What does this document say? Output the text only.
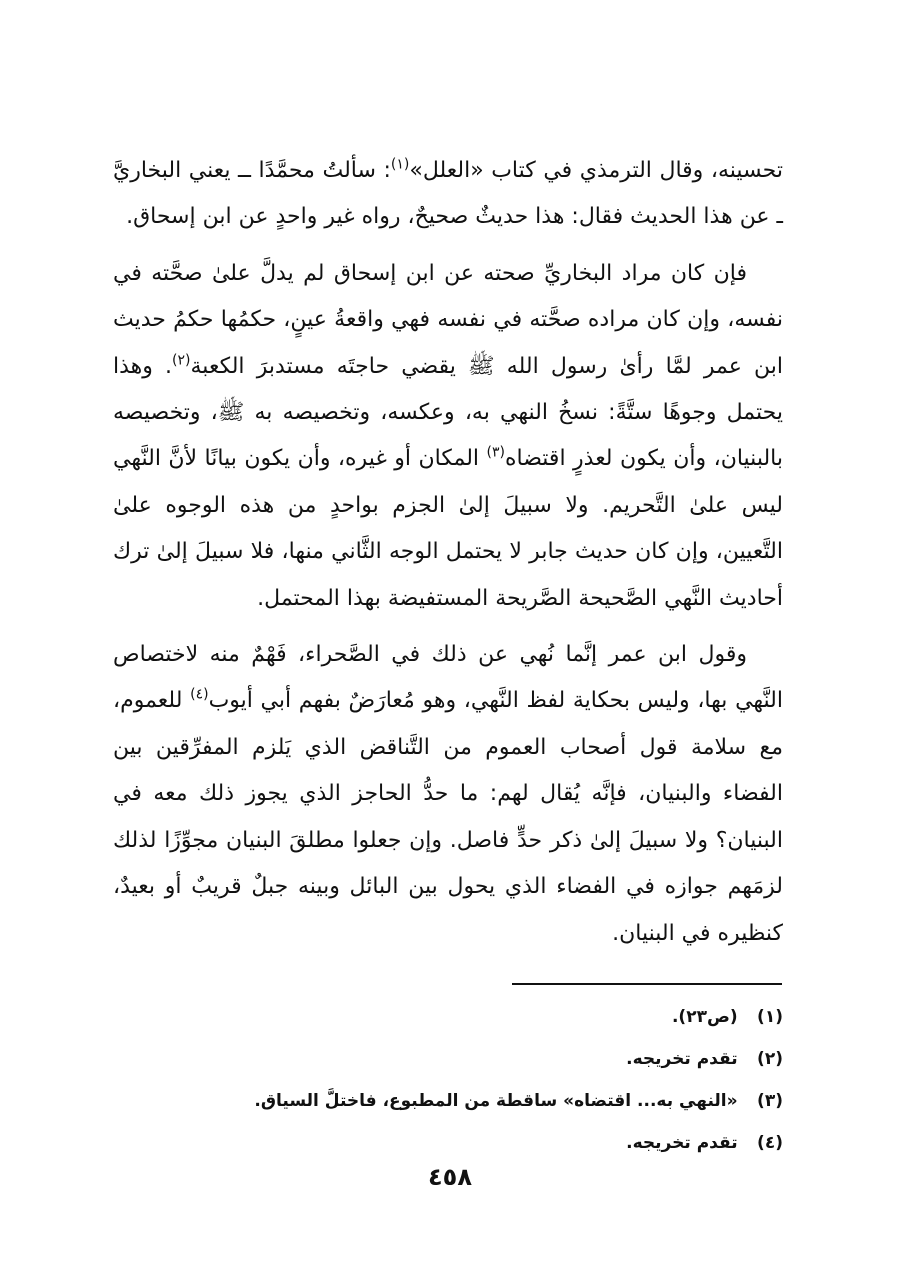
تحسينه، وقال الترمذي في كتاب «العلل»$^{(١)}$: سألتُ محمَّدًا ــ يعني البخاريَّ ـ عن هذا الحديث فقال: هذا حديثٌ صحيحٌ، رواه غير واحدٍ عن ابن إسحاق.

فإن كان مراد البخاريِّ صحته عن ابن إسحاق لم يدلَّ علىٰ صحَّته في نفسه، وإن كان مراده صحَّته في نفسه فهي واقعةُ عينٍ، حكمُها حكمُ حديث ابن عمر لمَّا رأىٰ رسول الله ﷺ يقضي حاجتَه مستدبرَ الكعبة$^{(٢)}$. وهذا يحتمل وجوهًا ستَّةً: نسخُ النهي به، وعكسه، وتخصيصه به ﷺ، وتخصيصه بالبنيان، وأن يكون لعذرٍ اقتضاه$^{(٣)}$ المكان أو غيره، وأن يكون بيانًا لأنَّ النَّهي ليس علىٰ التَّحريم. ولا سبيلَ إلىٰ الجزم بواحدٍ من هذه الوجوه علىٰ التَّعيين، وإن كان حديث جابر لا يحتمل الوجه الثَّاني منها، فلا سبيلَ إلىٰ ترك أحاديث النَّهي الصَّحيحة الصَّريحة المستفيضة بهذا المحتمل.

وقول ابن عمر إنَّما نُهي عن ذلك في الصَّحراء، فَهْمٌ منه لاختصاص النَّهي بها، وليس بحكاية لفظ النَّهي، وهو مُعارَضٌ بفهم أبي أيوب$^{(٤)}$ للعموم، مع سلامة قول أصحاب العموم من التَّناقض الذي يَلزم المفرِّقين بين الفضاء والبنيان، فإنَّه يُقال لهم: ما حدُّ الحاجز الذي يجوز ذلك معه في البنيان؟ ولا سبيلَ إلىٰ ذكر حدٍّ فاصل. وإن جعلوا مطلقَ البنيان مجوِّزًا لذلك لزمَهم جوازه في الفضاء الذي يحول بين البائل وبينه جبلٌ قريبٌ أو بعيدٌ، كنظيره في البنيان.

(١) (ص٢٣).
(٢) تقدم تخريجه.
(٣) «النهي به... اقتضاه» ساقطة من المطبوع، فاختلَّ السياق.
(٤) تقدم تخريجه.
٤٥٨
